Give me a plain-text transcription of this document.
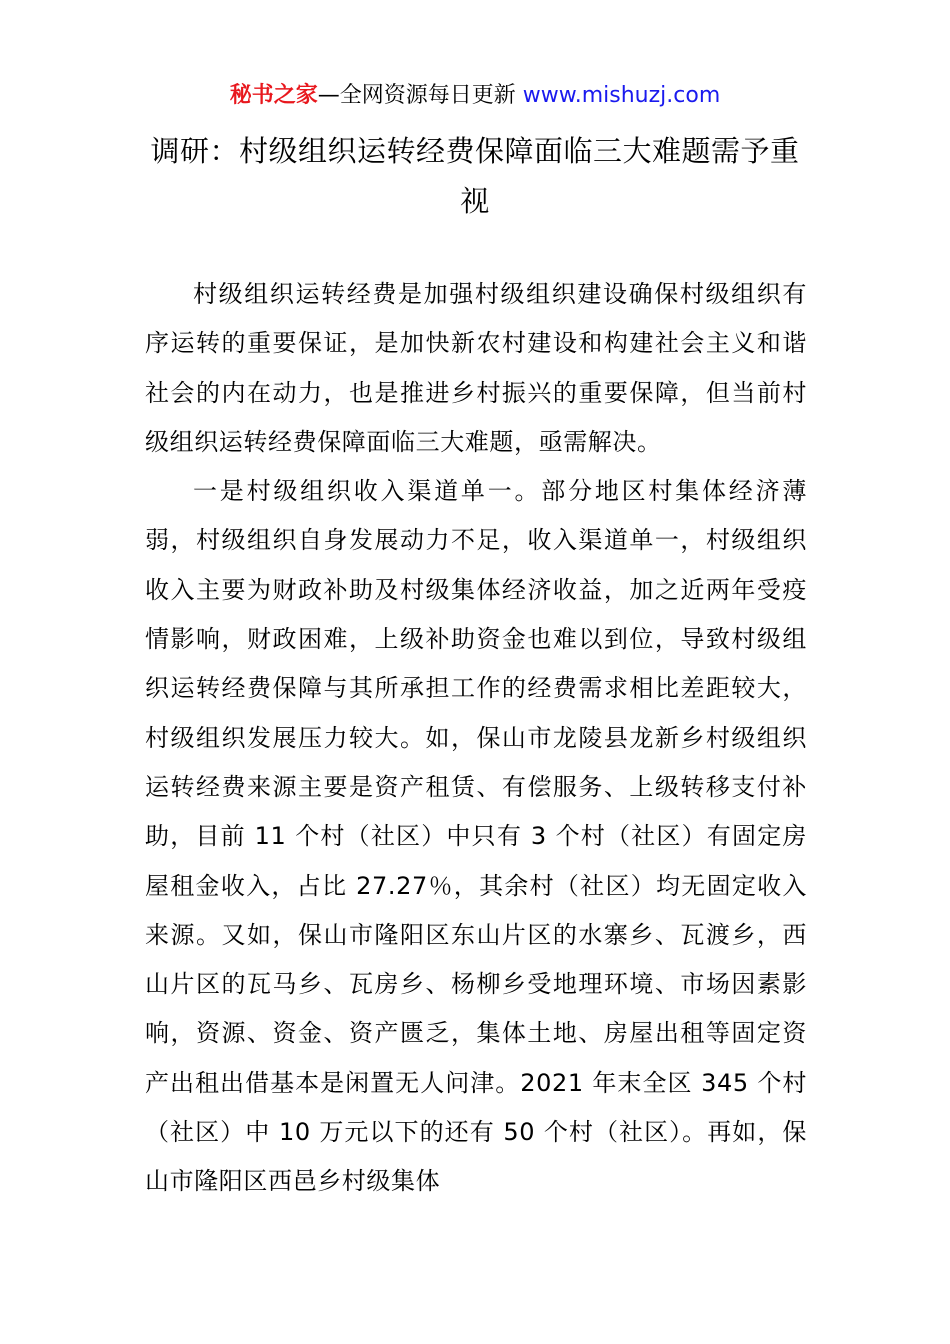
秘书之家—全网资源每日更新 www.mishuzj.com
调研：村级组织运转经费保障面临三大难题需予重视

村级组织运转经费是加强村级组织建设确保村级组织有序运转的重要保证，是加快新农村建设和构建社会主义和谐社会的内在动力，也是推进乡村振兴的重要保障，但当前村级组织运转经费保障面临三大难题，亟需解决。

一是村级组织收入渠道单一。部分地区村集体经济薄弱，村级组织自身发展动力不足，收入渠道单一，村级组织收入主要为财政补助及村级集体经济收益，加之近两年受疫情影响，财政困难，上级补助资金也难以到位，导致村级组织运转经费保障与其所承担工作的经费需求相比差距较大，村级组织发展压力较大。如，保山市龙陵县龙新乡村级组织运转经费来源主要是资产租赁、有偿服务、上级转移支付补助，目前 11 个村（社区）中只有 3 个村（社区）有固定房屋租金收入，占比 27.27％，其余村（社区）均无固定收入来源。又如，保山市隆阳区东山片区的水寨乡、瓦渡乡，西山片区的瓦马乡、瓦房乡、杨柳乡受地理环境、市场因素影响，资源、资金、资产匮乏，集体土地、房屋出租等固定资产出租出借基本是闲置无人问津。2021 年末全区 345 个村（社区）中 10 万元以下的还有 50 个村（社区）。再如，保山市隆阳区西邑乡村级集体
